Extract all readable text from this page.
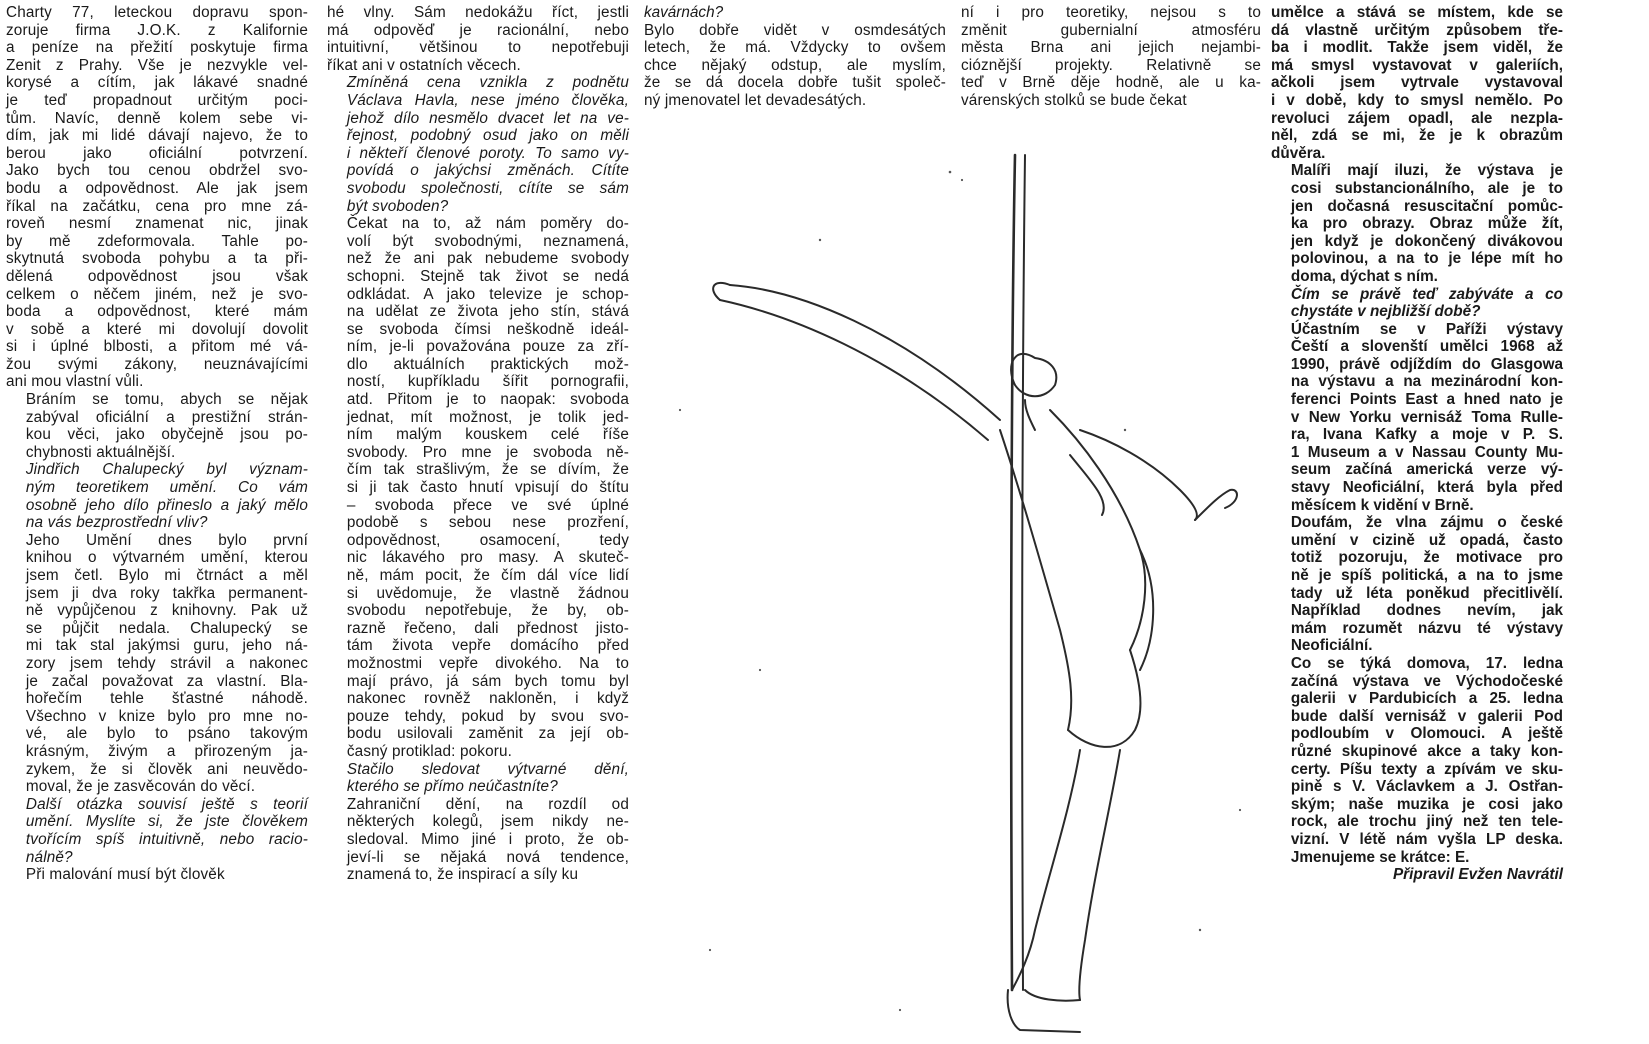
Charty 77, leteckou dopravu spon-
zoruje firma J.O.K. z Kalifornie
a peníze na přežití poskytuje firma
Zenit z Prahy. Vše je nezvykle vel-
korysé a cítím, jak lákavé snadné
je teď propadnout určitým poci-
tům. Navíc, denně kolem sebe vi-
dím, jak mi lidé dávají najevo, že to
berou jako oficiální potvrzení.
Jako bych tou cenou obdržel svo-
bodu a odpovědnost. Ale jak jsem
říkal na začátku, cena pro mne zá-
roveň nesmí znamenat nic, jinak
by mě zdeformovala. Tahle po-
skytnutá svoboda pohybu a ta při-
dělená odpovědnost jsou však
celkem o něčem jiném, než je svo-
boda a odpovědnost, které mám
v sobě a které mi dovolují dovolit
si i úplné blbosti, a přitom mé vá-
žou svými zákony, neuznávajícími
ani mou vlastní vůli.

Bráním se tomu, abych se nějak
zabýval oficiální a prestižní strán-
kou věci, jako obyčejně jsou po-
chybnosti aktuálnější.

Jindřich Chalupecký byl význam-
ným teoretikem umění. Co vám
osobně jeho dílo přineslo a jaký mělo
na vás bezprostřední vliv?

Jeho Umění dnes bylo první
knihou o výtvarném umění, kterou
jsem četl. Bylo mi čtrnáct a měl
jsem ji dva roky takřka permanent-
ně vypůjčenou z knihovny. Pak už
se půjčit nedala. Chalupecký se
mi tak stal jakýmsi guru, jeho ná-
zory jsem tehdy strávil a nakonec
je začal považovat za vlastní. Bla-
hořečím tehle šťastné náhodě.
Všechno v knize bylo pro mne no-
vé, ale bylo to psáno takovým
krásným, živým a přirozeným ja-
zykem, že si člověk ani neuvědo-
moval, že je zasvěcován do věcí.

Další otázka souvisí ještě s teorií
umění. Myslíte si, že jste člověkem
tvořícím spíš intuitivně, nebo racio-
nálně?

Při malování musí být člověk

hé vlny. Sám nedokážu říct, jestli
má odpověď je racionální, nebo
intuitivní, většinou to nepotřebuji
říkat ani v ostatních věcech.

Zmíněná cena vznikla z podnětu
Václava Havla, nese jméno člověka,
jehož dílo nesmělo dvacet let na ve-
řejnost, podobný osud jako on měli
i někteří členové poroty. To samo vy-
povídá o jakýchsi změnách. Cítíte
svobodu společnosti, cítíte se sám
být svoboden?

Čekat na to, až nám poměry do-
volí být svobodnými, neznamená,
než že ani pak nebudeme svobody
schopni. Stejně tak život se nedá
odkládat. A jako televize je schop-
na udělat ze života jeho stín, stává
se svoboda čímsi neškodně ideál-
ním, je-li považována pouze za zří-
dlo aktuálních praktických mož-
ností, kupříkladu šířit pornografii,
atd. Přitom je to naopak: svoboda
jednat, mít možnost, je tolik jed-
ním malým kouskem celé říše
svobody. Pro mne je svoboda ně-
čím tak strašlivým, že se dívím, že
si ji tak často hnutí vpisují do štítu
– svoboda přece ve své úplné
podobě s sebou nese prozření,
odpovědnost, osamocení, tedy
nic lákavého pro masy. A skuteč-
ně, mám pocit, že čím dál více lidí
si uvědomuje, že vlastně žádnou
svobodu nepotřebuje, že by, ob-
razně řečeno, dali přednost jisto-
tám života vepře domácího před
možnostmi vepře divokého. Na to
mají právo, já sám bych tomu byl
nakonec rovněž nakloněn, i když
pouze tehdy, pokud by svou svo-
bodu usilovali zaměnit za její ob-
časný protiklad: pokoru.

Stačilo sledovat výtvarné dění,
kterého se přímo neúčastníte?

Zahraniční dění, na rozdíl od
některých kolegů, jsem nikdy ne-
sledoval. Mimo jiné i proto, že ob-
jeví-li se nějaká nová tendence,
znamená to, že inspirací a síly ku

kavárnách?

Bylo dobře vidět v osmdesátých
letech, že má. Vždycky to ovšem
chce nějaký odstup, ale myslím,
že se dá docela dobře tušit společ-
ný jmenovatel let devadesátých.

ní i pro teoretiky, nejsou s to
změnit gubernialní atmosféru
města Brna ani jejich nejambi-
cióznější projekty. Relativně se
teď v Brně děje hodně, ale u ka-
várenských stolků se bude čekat

umělce a stává se místem, kde se
dá vlastně určitým způsobem tře-
ba i modlit. Takže jsem viděl, že
má smysl vystavovat v galeriích,
ačkoli jsem vytrvale vystavoval
i v době, kdy to smysl nemělo. Po
revoluci zájem opadl, ale nezpla-
něl, zdá se mi, že je k obrazům
důvěra.

Malíři mají iluzi, že výstava je
cosi substancionálního, ale je to
jen dočasná resuscitační pomůc-
ka pro obrazy. Obraz může žít,
jen když je dokončený divákovou
polovinou, a na to je lépe mít ho
doma, dýchat s ním.

Čím se právě teď zabýváte a co
chystáte v nejbližší době?

Účastním se v Paříži výstavy
Čeští a slovenští umělci 1968 až
1990, právě odjíždím do Glasgowa
na výstavu a na mezinárodní kon-
ferenci Points East a hned nato je
v New Yorku vernisáž Toma Rulle-
ra, Ivana Kafky a moje v P. S.
1 Museum a v Nassau County Mu-
seum začíná americká verze vý-
stavy Neoficiální, která byla před
měsícem k vidění v Brně.

Doufám, že vlna zájmu o české
umění v cizině už opadá, často
totiž pozoruju, že motivace pro
ně je spíš politická, a na to jsme
tady už léta poněkud přecitlivělí.
Například dodnes nevím, jak
mám rozumět názvu té výstavy
Neoficiální.

Co se týká domova, 17. ledna
začíná výstava ve Východočeské
galerii v Pardubicích a 25. ledna
bude další vernisáž v galerii Pod
podloubím v Olomouci. A ještě
různé skupinové akce a taky kon-
certy. Píšu texty a zpívám ve sku-
pině s V. Václavkem a J. Ostřan-
ským; naše muzika je cosi jako
rock, ale trochu jiný než ten tele-
vizní. V létě nám vyšla LP deska.
Jmenujeme se krátce: E.

Připravil Evžen Navrátil
